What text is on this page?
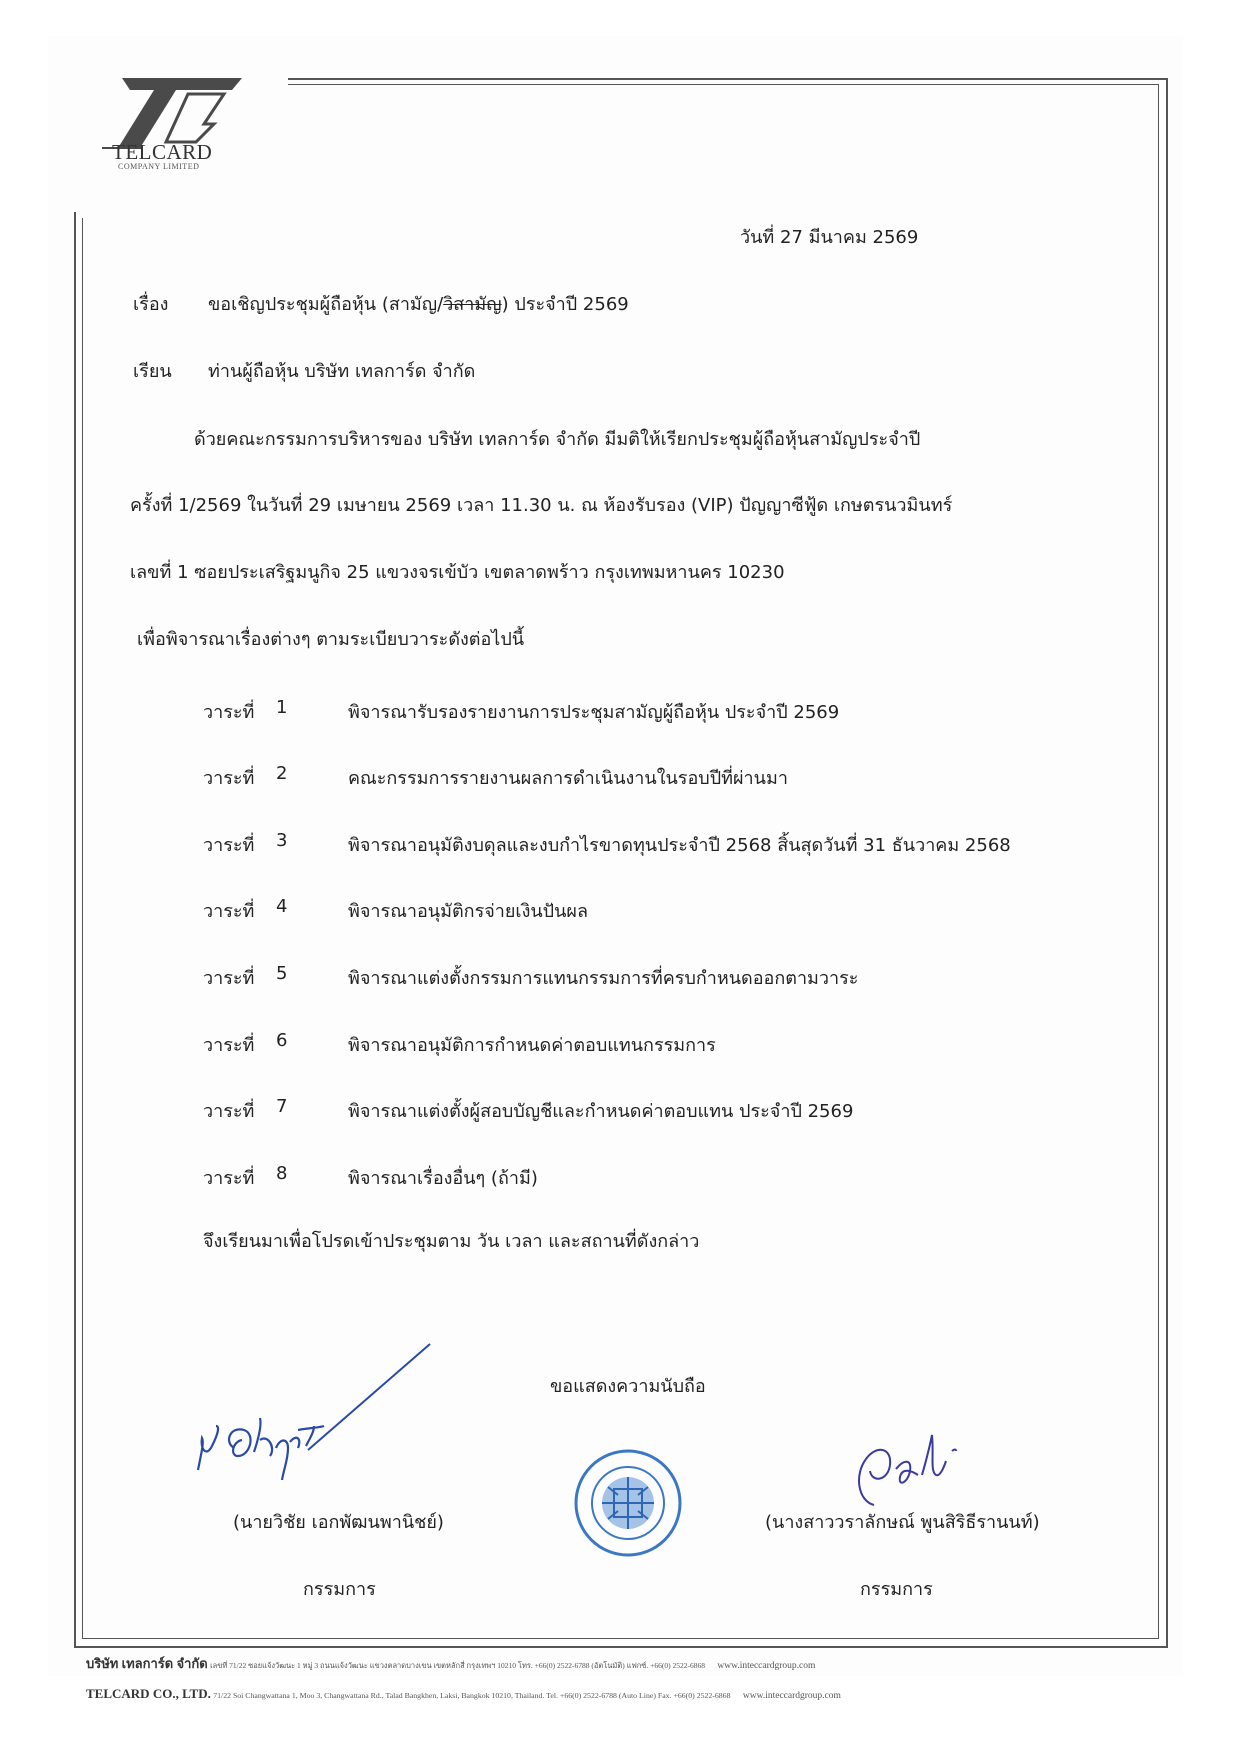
TELCARD
COMPANY LIMITED
วันที่ 27 มีนาคม 2569
เรื่อง ขอเชิญประชุมผู้ถือหุ้น (สามัญ/วิสามัญ) ประจำปี 2569
เรียน ท่านผู้ถือหุ้น บริษัท เทลการ์ด จำกัด
ด้วยคณะกรรมการบริหารของ บริษัท เทลการ์ด จำกัด มีมติให้เรียกประชุมผู้ถือหุ้นสามัญประจำปี
ครั้งที่ 1/2569 ในวันที่ 29 เมษายน 2569 เวลา 11.30 น. ณ ห้องรับรอง (VIP) ปัญญาซีฟู้ด เกษตรนวมินทร์
เลขที่ 1 ซอยประเสริฐมนูกิจ 25 แขวงจรเข้บัว เขตลาดพร้าว กรุงเทพมหานคร 10230
เพื่อพิจารณาเรื่องต่างๆ ตามระเบียบวาระดังต่อไปนี้
วาระที่ 1	พิจารณารับรองรายงานการประชุมสามัญผู้ถือหุ้น ประจำปี 2569
วาระที่ 2	คณะกรรมการรายงานผลการดำเนินงานในรอบปีที่ผ่านมา
วาระที่ 3	พิจารณาอนุมัติงบดุลและงบกำไรขาดทุนประจำปี 2568 สิ้นสุดวันที่ 31 ธันวาคม 2568
วาระที่ 4	พิจารณาอนุมัติกรจ่ายเงินปันผล
วาระที่ 5	พิจารณาแต่งตั้งกรรมการแทนกรรมการที่ครบกำหนดออกตามวาระ
วาระที่ 6	พิจารณาอนุมัติการกำหนดค่าตอบแทนกรรมการ
วาระที่ 7	พิจารณาแต่งตั้งผู้สอบบัญชีและกำหนดค่าตอบแทน ประจำปี 2569
วาระที่ 8	พิจารณาเรื่องอื่นๆ (ถ้ามี)
จึงเรียนมาเพื่อโปรดเข้าประชุมตาม วัน เวลา และสถานที่ดังกล่าว
ขอแสดงความนับถือ
(นายวิชัย เอกพัฒนพานิชย์)
กรรมการ
(นางสาววราลักษณ์ พูนสิริธีรานนท์)
กรรมการ
บริษัท เทลการ์ด จำกัด เลขที่ 71/22 ซอยแจ้งวัฒนะ 1 หมู่ 3 ถนนแจ้งวัฒนะ แขวงตลาดบางเขน เขตหลักสี่ กรุงเทพฯ 10210 โทร. +66(0) 2522-6788 (อัตโนมัติ) แฟกซ์. +66(0) 2522-6868 www.inteccardgroup.com
TELCARD CO., LTD. 71/22 Soi Changwattana 1, Moo 3, Changwattana Rd., Talad Bangkhen, Laksi, Bangkok 10210, Thailand. Tel. +66(0) 2522-6788 (Auto Line) Fax. +66(0) 2522-6868 www.inteccardgroup.com
